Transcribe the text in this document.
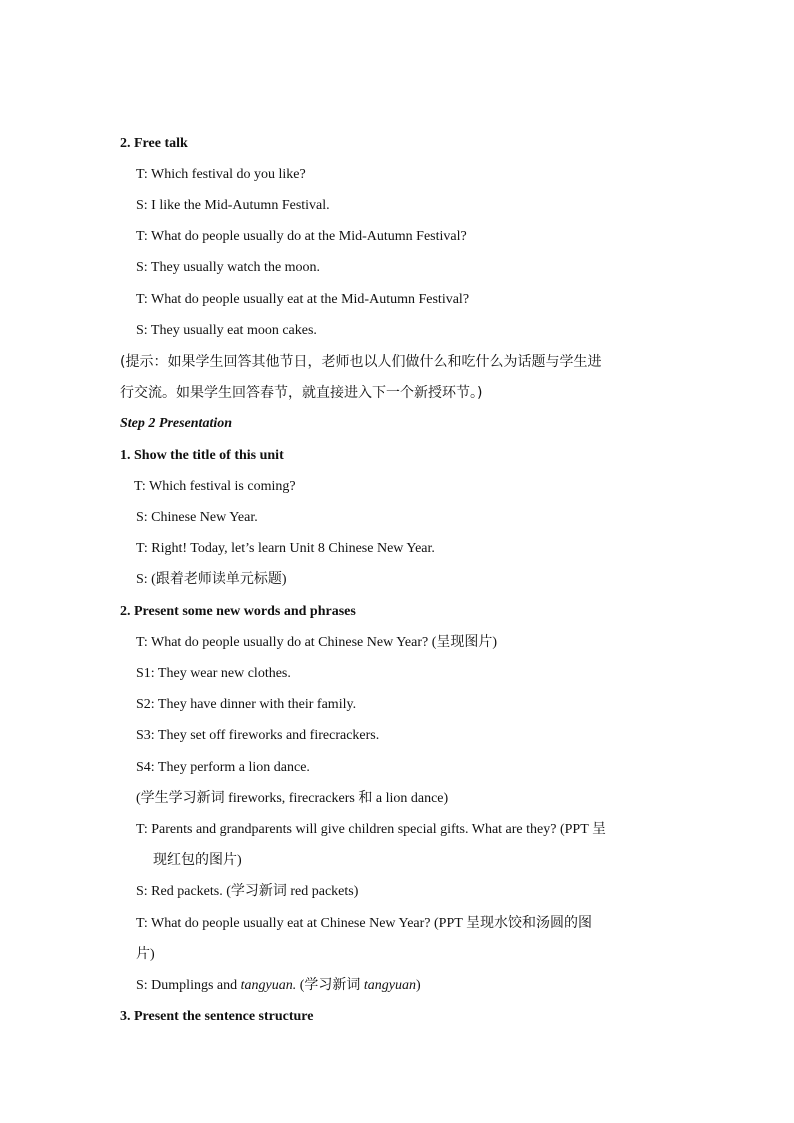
2. Free talk
T: Which festival do you like?
S: I like the Mid-Autumn Festival.
T: What do people usually do at the Mid-Autumn Festival?
S: They usually watch the moon.
T: What do people usually eat at the Mid-Autumn Festival?
S: They usually eat moon cakes.
(提示：如果学生回答其他节日，老师也以人们做什么和吃什么为话题与学生进
行交流。如果学生回答春节，就直接进入下一个新授环节。)
Step 2 Presentation
1. Show the title of this unit
T: Which festival is coming?
S: Chinese New Year.
T: Right! Today, let’s learn Unit 8 Chinese New Year.
S: (跟着老师读单元标题)
2. Present some new words and phrases
T: What do people usually do at Chinese New Year? (呈现图片)
S1: They wear new clothes.
S2: They have dinner with their family.
S3: They set off fireworks and firecrackers.
S4: They perform a lion dance.
(学生学习新词 fireworks, firecrackers 和 a lion dance)
T: Parents and grandparents will give children special gifts. What are they? (PPT 呈
现红包的图片)
S: Red packets. (学习新词 red packets)
T: What do people usually eat at Chinese New Year? (PPT 呈现水饺和汤圆的图
片)
S: Dumplings and tangyuan. (学习新词 tangyuan)
3. Present the sentence structure
